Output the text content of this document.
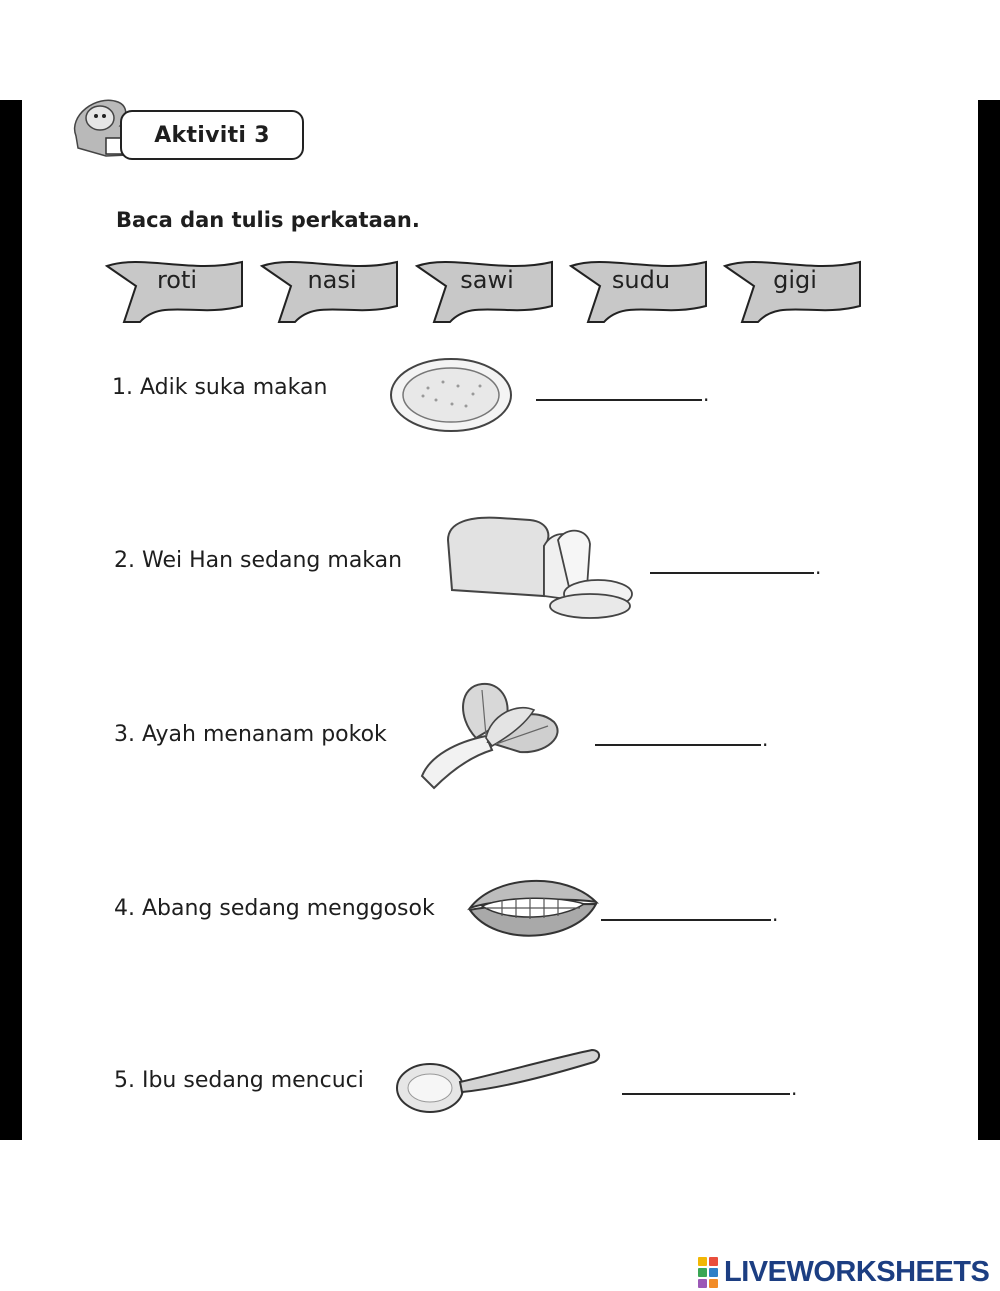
Aktiviti 3
Baca dan tulis perkataan.
roti	nasi	sawi	sudu	gigi
1. Adik suka makan	.
2. Wei Han sedang makan	.
3. Ayah menanam pokok	.
4. Abang sedang menggosok	.
5. Ibu sedang mencuci	.
LIVEWORKSHEETS
